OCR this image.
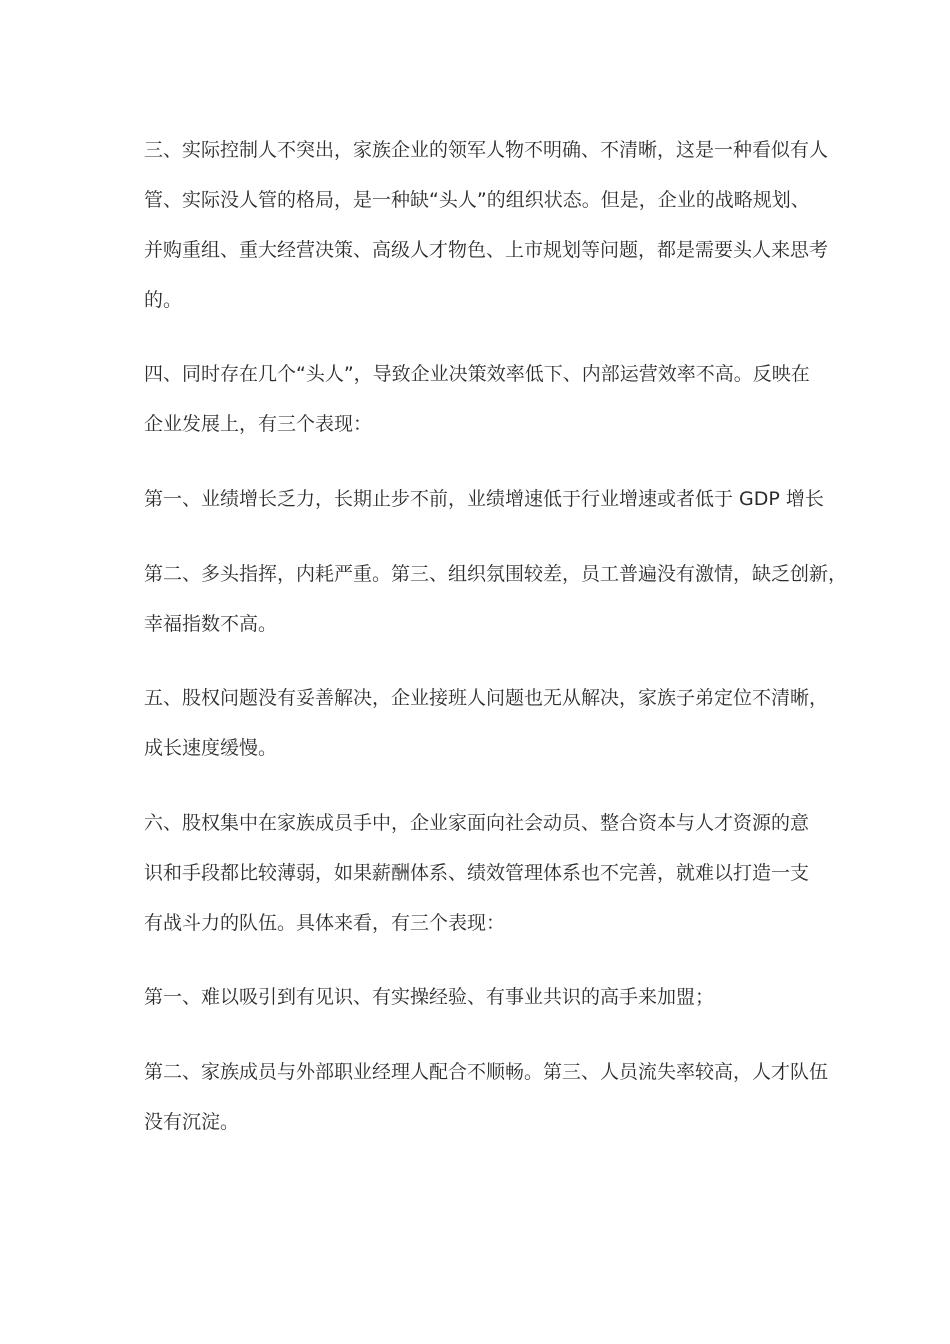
三、实际控制人不突出，家族企业的领军人物不明确、不清晰，这是一种看似有人
管、实际没人管的格局，是一种缺“头人”的组织状态。但是，企业的战略规划、
并购重组、重大经营决策、高级人才物色、上市规划等问题，都是需要头人来思考
的。
四、同时存在几个“头人”，导致企业决策效率低下、内部运营效率不高。反映在
企业发展上，有三个表现：
第一、业绩增长乏力，长期止步不前，业绩增速低于行业增速或者低于 GDP 增长
第二、多头指挥，内耗严重。第三、组织氛围较差，员工普遍没有激情，缺乏创新，
幸福指数不高。
五、股权问题没有妥善解决，企业接班人问题也无从解决，家族子弟定位不清晰，
成长速度缓慢。
六、股权集中在家族成员手中，企业家面向社会动员、整合资本与人才资源的意
识和手段都比较薄弱，如果薪酬体系、绩效管理体系也不完善，就难以打造一支
有战斗力的队伍。具体来看，有三个表现：
第一、难以吸引到有见识、有实操经验、有事业共识的高手来加盟；
第二、家族成员与外部职业经理人配合不顺畅。第三、人员流失率较高，人才队伍
没有沉淀。
